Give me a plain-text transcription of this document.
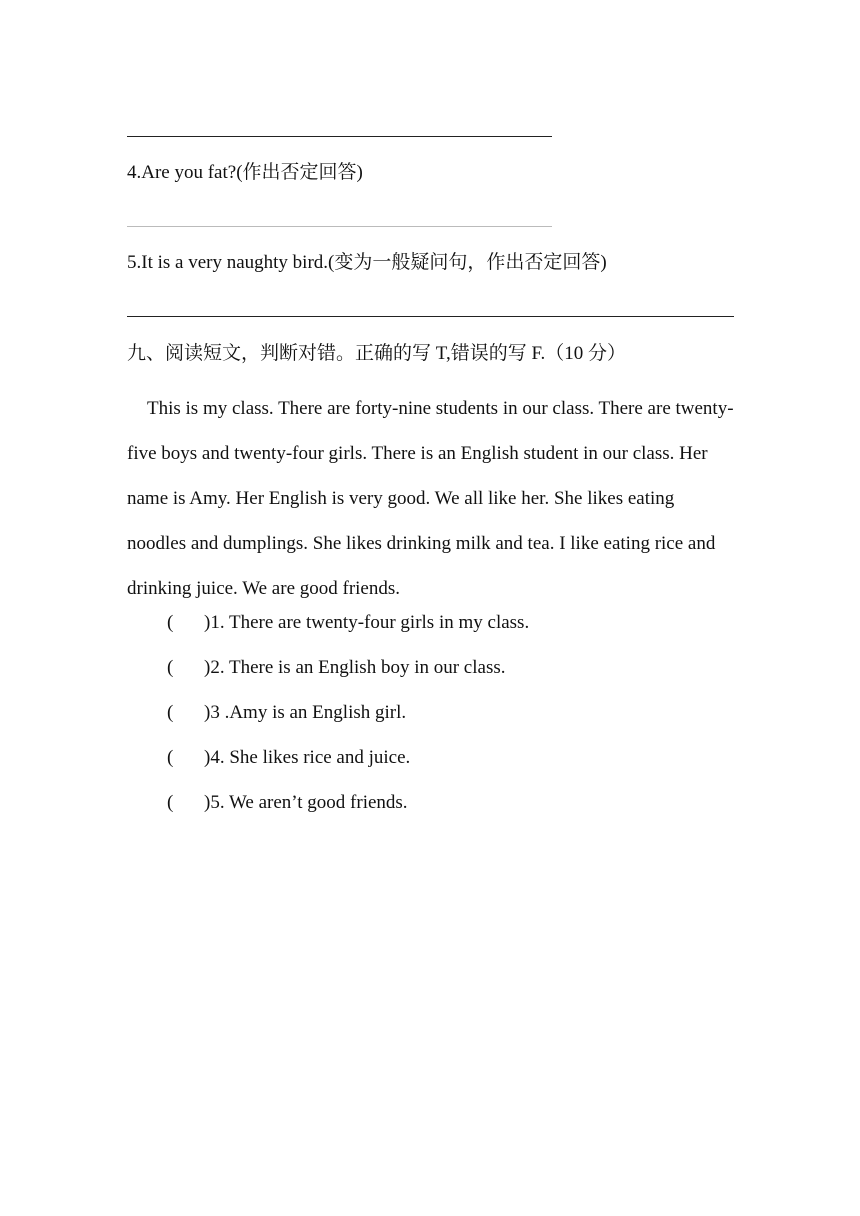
4.Are you fat?(作出否定回答)
5.It is a very naughty bird.(变为一般疑问句，作出否定回答)
九、阅读短文，判断对错。正确的写 T,错误的写 F.（10 分）
This is my class. There are forty-nine students in our class. There are twenty-five boys and twenty-four girls. There is an English student in our class. Her name is Amy. Her English is very good. We all like her. She likes eating noodles and dumplings. She likes drinking milk and tea. I like eating rice and drinking juice. We are good friends.
( )1. There are twenty-four girls in my class.
( )2. There is an English boy in our class.
( )3 .Amy is an English girl.
( )4. She likes rice and juice.
( )5. We aren’t good friends.
